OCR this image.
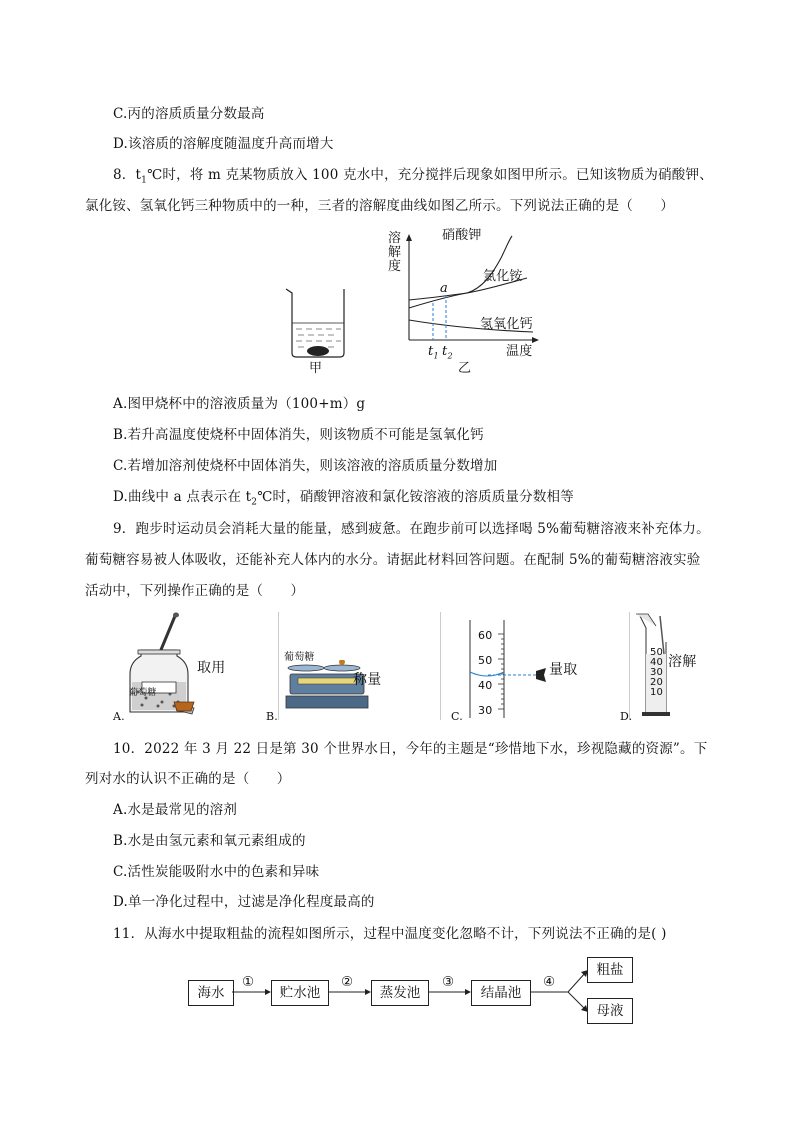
C.丙的溶质质量分数最高
D.该溶质的溶解度随温度升高而增大
8．$t_1℃$时，将 m 克某物质放入 100 克水中，充分搅拌后现象如图甲所示。已知该物质为硝酸钾、
氯化铵、氢氧化钙三种物质中的一种，三者的溶解度曲线如图乙所示。下列说法正确的是（　　）
甲
溶解度
硝酸钾
氯化铵
氢氧化钙
a
$t_1$ $t_2$	温度
乙
A.图甲烧杯中的溶液质量为（100+m）g
B.若升高温度使烧杯中固体消失，则该物质不可能是氢氧化钙
C.若增加溶剂使烧杯中固体消失，则该溶液的溶质质量分数增加
D.曲线中 a 点表示在 $t_2℃$时，硝酸钾溶液和氯化铵溶液的溶质质量分数相等
9．跑步时运动员会消耗大量的能量，感到疲惫。在跑步前可以选择喝 5%葡萄糖溶液来补充体力。
葡萄糖容易被人体吸收，还能补充人体内的水分。请据此材料回答问题。在配制 5%的葡萄糖溶液实验
活动中，下列操作正确的是（　　）
葡萄糖
取用
A.
葡萄糖
称量
B.
60
50
40
30
量取
C.
50
40
30
20
10
溶解
D.
10．2022 年 3 月 22 日是第 30 个世界水日，今年的主题是“珍惜地下水，珍视隐藏的资源”。下
列对水的认识不正确的是（　　）
A.水是最常见的溶剂
B.水是由氢元素和氧元素组成的
C.活性炭能吸附水中的色素和异味
D.单一净化过程中，过滤是净化程度最高的
11．从海水中提取粗盐的流程如图所示，过程中温度变化忽略不计，下列说法不正确的是( )
海水
①
贮水池
②
蒸发池
③
结晶池
④
粗盐
母液
